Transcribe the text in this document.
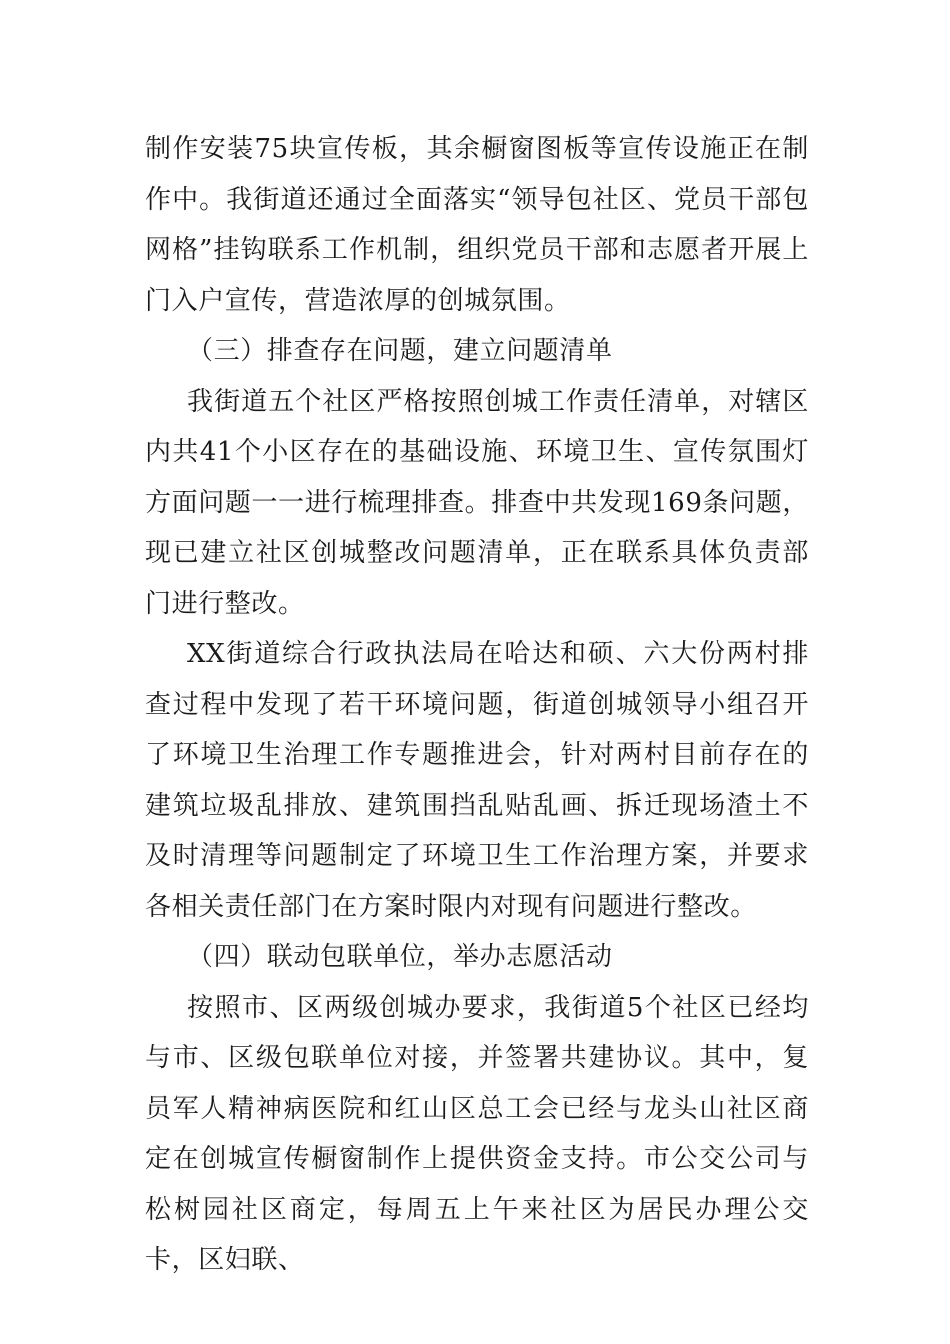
制作安装75块宣传板，其余橱窗图板等宣传设施正在制作中。我街道还通过全面落实“领导包社区、党员干部包网格”挂钩联系工作机制，组织党员干部和志愿者开展上门入户宣传，营造浓厚的创城氛围。

（三）排查存在问题，建立问题清单

我街道五个社区严格按照创城工作责任清单，对辖区内共41个小区存在的基础设施、环境卫生、宣传氛围灯方面问题一一进行梳理排查。排查中共发现169条问题，现已建立社区创城整改问题清单，正在联系具体负责部门进行整改。

XX街道综合行政执法局在哈达和硕、六大份两村排查过程中发现了若干环境问题，街道创城领导小组召开了环境卫生治理工作专题推进会，针对两村目前存在的建筑垃圾乱排放、建筑围挡乱贴乱画、拆迁现场渣土不及时清理等问题制定了环境卫生工作治理方案，并要求各相关责任部门在方案时限内对现有问题进行整改。

（四）联动包联单位，举办志愿活动

按照市、区两级创城办要求，我街道5个社区已经均与市、区级包联单位对接，并签署共建协议。其中，复员军人精神病医院和红山区总工会已经与龙头山社区商定在创城宣传橱窗制作上提供资金支持。市公交公司与松树园社区商定，每周五上午来社区为居民办理公交卡，区妇联、
